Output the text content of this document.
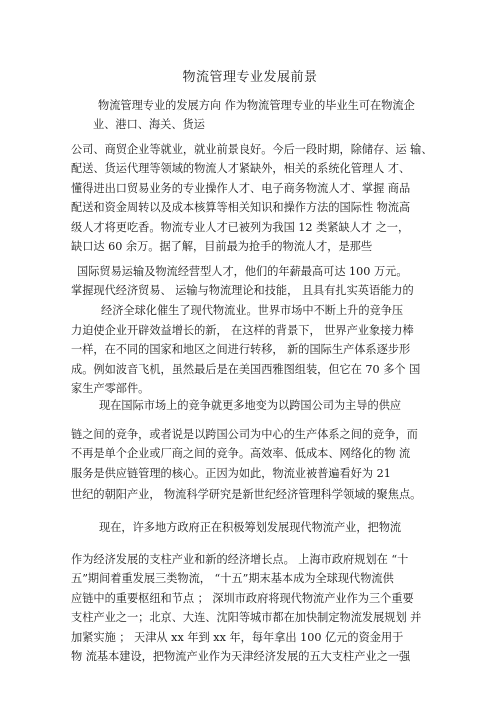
物流管理专业发展前景
物流管理专业的发展方向 作为物流管理专业的毕业生可在物流企
业、港口、海关、货运
公司、商贸企业等就业，就业前景良好。今后一段时期，除储存、运 输、
配送、货运代理等领域的物流人才紧缺外，相关的系统化管理人 才、
懂得进出口贸易业务的专业操作人才、电子商务物流人才、掌握 商品
配送和资金周转以及成本核算等相关知识和操作方法的国际性 物流高
级人才将更吃香。物流专业人才已被列为我国 12 类紧缺人才 之一，
缺口达 60 余万。据了解，目前最为抢手的物流人才，是那些
国际贸易运输及物流经营型人才，他们的年薪最高可达 100 万元。
掌握现代经济贸易、 运输与物流理论和技能， 且具有扎实英语能力的
经济全球化催生了现代物流业。世界市场中不断上升的竞争压
力迫使企业开辟效益增长的新， 在这样的背景下， 世界产业象接力棒
一样，在不同的国家和地区之间进行转移， 新的国际生产体系逐步形
成。例如波音飞机，虽然最后是在美国西雅图组装，但它在 70 多个 国
家生产零部件。
现在国际市场上的竞争就更多地变为以跨国公司为主导的供应
链之间的竞争，或者说是以跨国公司为中心的生产体系之间的竞争，而
不再是单个企业或厂商之间的竞争。高效率、低成本、网络化的物 流
服务是供应链管理的核心。正因为如此，物流业被普遍看好为 21
世纪的朝阳产业， 物流科学研究是新世纪经济管理科学领域的聚焦点。
现在，许多地方政府正在积极筹划发展现代物流产业，把物流
作为经济发展的支柱产业和新的经济增长点。 上海市政府规划在 “十
五”期间着重发展三类物流， “十五”期末基本成为全球现代物流供
应链中的重要枢纽和节点 ； 深圳市政府将现代物流产业作为三个重要
支柱产业之一；北京、大连、沈阳等城市都在加快制定物流发展规划 并
加紧实施 ； 天津从 xx 年到 xx 年，每年拿出 100 亿元的资金用于
物 流基本建设，把物流产业作为天津经济发展的五大支柱产业之一强
